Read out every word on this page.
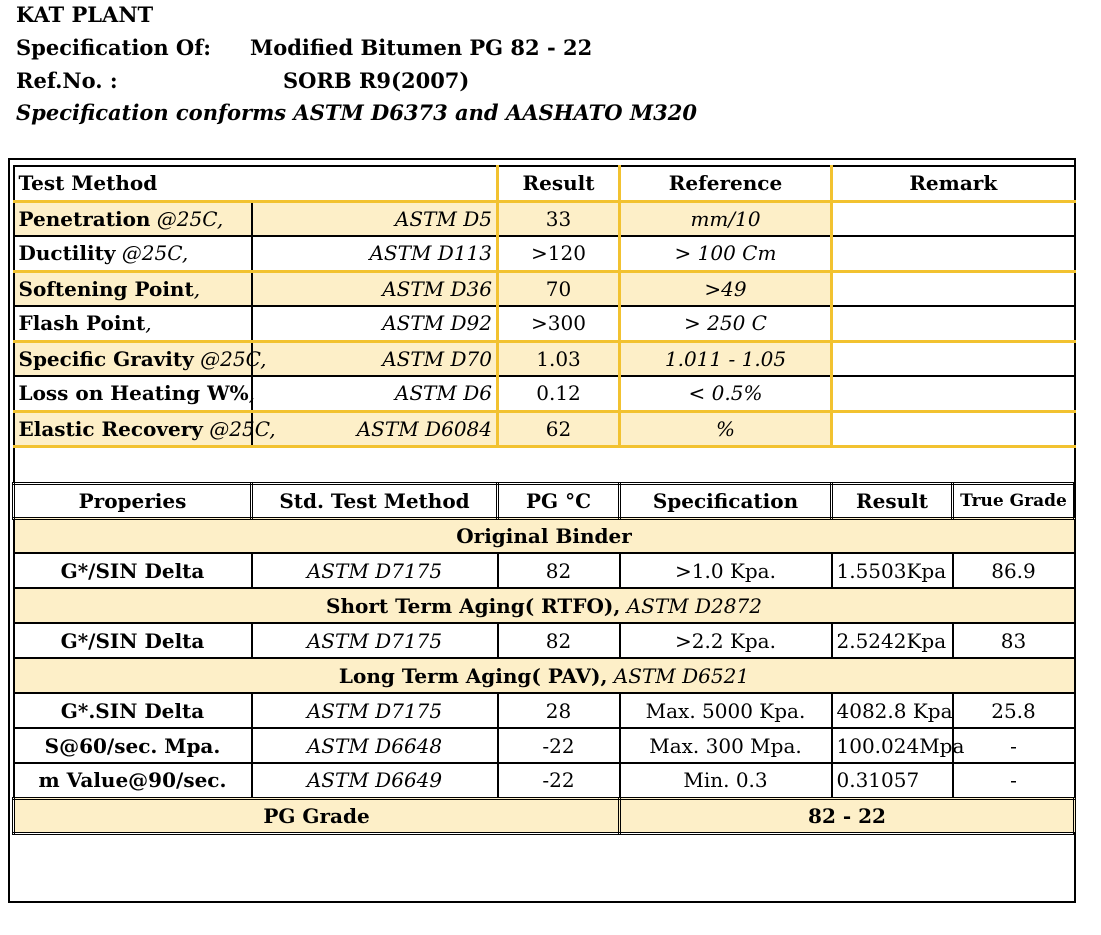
KAT PLANT
Specification Of: Modified Bitumen PG 82 - 22
Ref.No. :	SORB R9(2007)
Specification conforms ASTM D6373 and AASHATO M320
Test Method		Result	Reference	Remark	
Penetration @25C,	ASTM D5	33	mm/10		
Ductility @25C,	ASTM D113	>120	> 100 Cm		
Softening Point,	ASTM D36	70	>49		
Flash Point,	ASTM D92	>300	> 250 C		
Specific Gravity @25C,	ASTM D70	1.03	1.011 - 1.05		
Loss on Heating W%,	ASTM D6	0.12	< 0.5%		
Elastic Recovery @25C,	ASTM D6084	62	%		

Properies	Std. Test Method	PG °C	Specification	Result	True Grade
Original Binder					
G*/SIN Delta	ASTM D7175	82	>1.0 Kpa.	1.5503Kpa	86.9
Short Term Aging( RTFO), ASTM D2872					
G*/SIN Delta	ASTM D7175	82	>2.2 Kpa.	2.5242Kpa	83
Long Term Aging( PAV), ASTM D6521					
G*.SIN Delta	ASTM D7175	28	Max. 5000 Kpa.	4082.8 Kpa	25.8
S@60/sec. Mpa.	ASTM D6648	-22	Max. 300 Mpa.	100.024Mpa	-
m Value@90/sec.	ASTM D6649	-22	Min. 0.3	0.31057	-
PG Grade			82 - 22		
